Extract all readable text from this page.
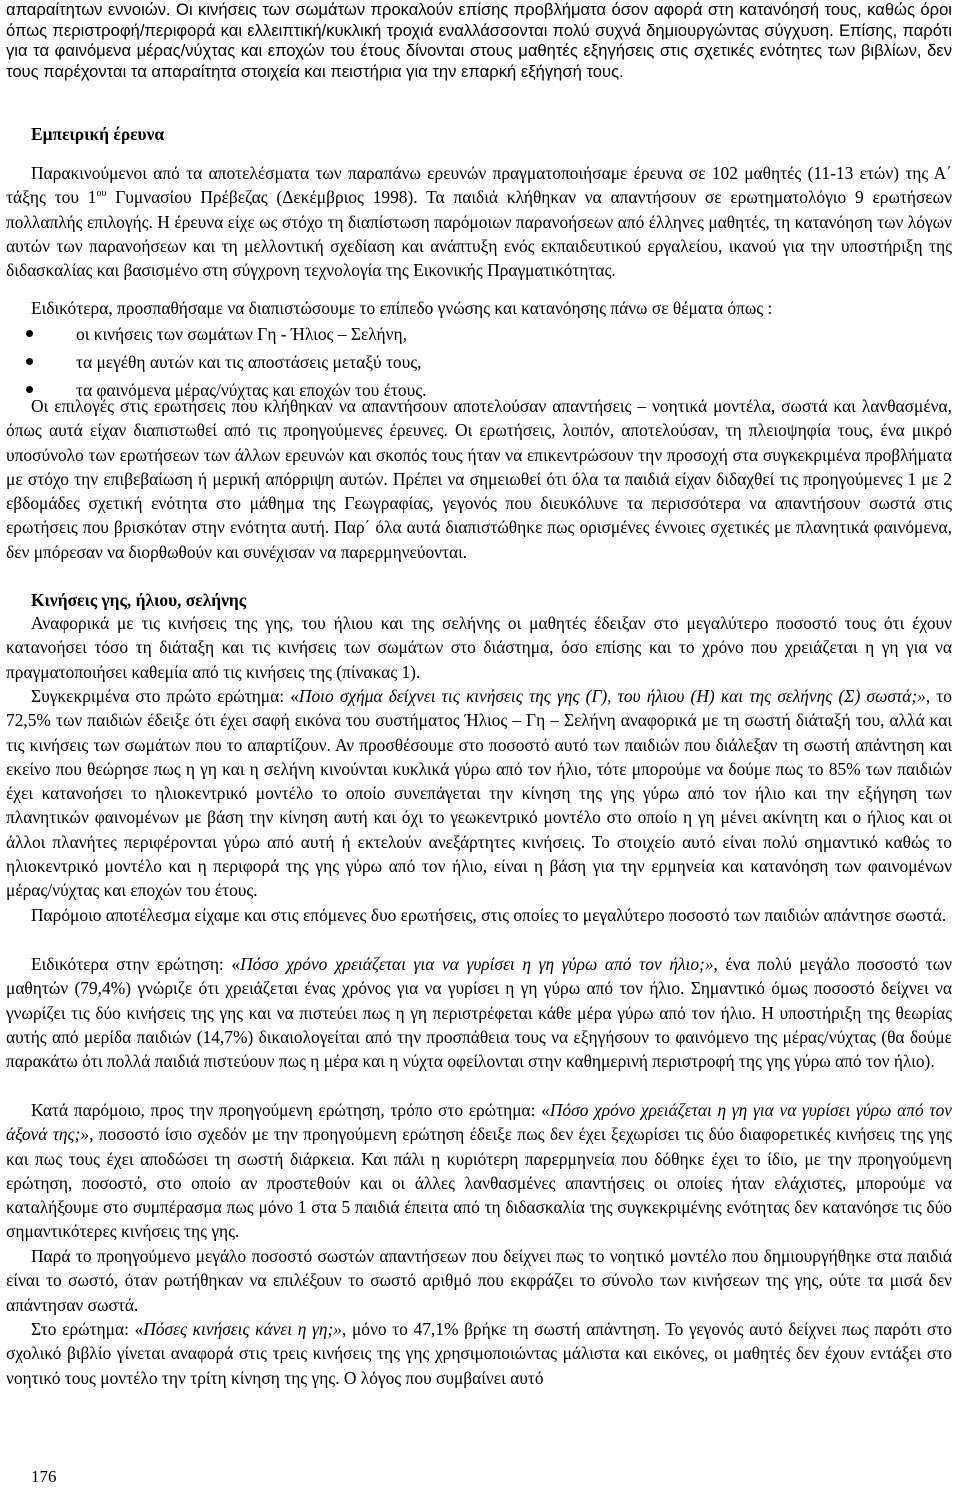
απαραίτητων εννοιών. Οι κινήσεις των σωμάτων προκαλούν επίσης προβλήματα όσον αφορά στη κατανόησή τους, καθώς όροι όπως περιστροφή/περιφορά και ελλειπτική/κυκλική τροχιά εναλλάσσονται πολύ συχνά δημιουργώντας σύγχυση. Επίσης, παρότι για τα φαινόμενα μέρας/νύχτας και εποχών του έτους δίνονται στους μαθητές εξηγήσεις στις σχετικές ενότητες των βιβλίων, δεν τους παρέχονται τα απαραίτητα στοιχεία και πειστήρια για την επαρκή εξήγησή τους.

Εμπειρική έρευνα

Παρακινούμενοι από τα αποτελέσματα των παραπάνω ερευνών πραγματοποιήσαμε έρευνα σε 102 μαθητές (11-13 ετών) της Α΄ τάξης του $1^{o\upsilon}$ Γυμνασίου Πρέβεζας (Δεκέμβριος 1998). Τα παιδιά κλήθηκαν να απαντήσουν σε ερωτηματολόγιο 9 ερωτήσεων πολλαπλής επιλογής. Η έρευνα είχε ως στόχο τη διαπίστωση παρόμοιων παρανοήσεων από έλληνες μαθητές, τη κατανόηση των λόγων αυτών των παρανοήσεων και τη μελλοντική σχεδίαση και ανάπτυξη ενός εκπαιδευτικού εργαλείου, ικανού για την υποστήριξη της διδασκαλίας και βασισμένο στη σύγχρονη τεχνολογία της Εικονικής Πραγματικότητας.

Ειδικότερα, προσπαθήσαμε να διαπιστώσουμε το επίπεδο γνώσης και κατανόησης πάνω σε θέματα όπως :

οι κινήσεις των σωμάτων Γη - Ήλιος – Σελήνη,
τα μεγέθη αυτών και τις αποστάσεις μεταξύ τους,
τα φαινόμενα μέρας/νύχτας και εποχών του έτους.

Οι επιλογές στις ερωτήσεις που κλήθηκαν να απαντήσουν αποτελούσαν απαντήσεις – νοητικά μοντέλα, σωστά και λανθασμένα, όπως αυτά είχαν διαπιστωθεί από τις προηγούμενες έρευνες. Οι ερωτήσεις, λοιπόν, αποτελούσαν, τη πλειοψηφία τους, ένα μικρό υποσύνολο των ερωτήσεων των άλλων ερευνών και σκοπός τους ήταν να επικεντρώσουν την προσοχή στα συγκεκριμένα προβλήματα με στόχο την επιβεβαίωση ή μερική απόρριψη αυτών. Πρέπει να σημειωθεί ότι όλα τα παιδιά είχαν διδαχθεί τις προηγούμενες 1 με 2 εβδομάδες σχετική ενότητα στο μάθημα της Γεωγραφίας, γεγονός που διευκόλυνε τα περισσότερα να απαντήσουν σωστά στις ερωτήσεις που βρισκόταν στην ενότητα αυτή. Παρ΄ όλα αυτά διαπιστώθηκε πως ορισμένες έννοιες σχετικές με πλανητικά φαινόμενα, δεν μπόρεσαν να διορθωθούν και συνέχισαν να παρερμηνεύονται.

Κινήσεις γης, ήλιου, σελήνης

Αναφορικά με τις κινήσεις της γης, του ήλιου και της σελήνης οι μαθητές έδειξαν στο μεγαλύτερο ποσοστό τους ότι έχουν κατανοήσει τόσο τη διάταξη και τις κινήσεις των σωμάτων στο διάστημα, όσο επίσης και το χρόνο που χρειάζεται η γη για να πραγματοποιήσει καθεμία από τις κινήσεις της (πίνακας 1).

Συγκεκριμένα στο πρώτο ερώτημα: «Ποιο σχήμα δείχνει τις κινήσεις της γης (Γ), του ήλιου (Η) και της σελήνης (Σ) σωστά;», το 72,5% των παιδιών έδειξε ότι έχει σαφή εικόνα του συστήματος Ήλιος – Γη – Σελήνη αναφορικά με τη σωστή διάταξή του, αλλά και τις κινήσεις των σωμάτων που το απαρτίζουν. Αν προσθέσουμε στο ποσοστό αυτό των παιδιών που διάλεξαν τη σωστή απάντηση και εκείνο που θεώρησε πως η γη και η σελήνη κινούνται κυκλικά γύρω από τον ήλιο, τότε μπορούμε να δούμε πως το 85% των παιδιών έχει κατανοήσει το ηλιοκεντρικό μοντέλο το οποίο συνεπάγεται την κίνηση της γης γύρω από τον ήλιο και την εξήγηση των πλανητικών φαινομένων με βάση την κίνηση αυτή και όχι το γεωκεντρικό μοντέλο στο οποίο η γη μένει ακίνητη και ο ήλιος και οι άλλοι πλανήτες περιφέρονται γύρω από αυτή ή εκτελούν ανεξάρτητες κινήσεις. Το στοιχείο αυτό είναι πολύ σημαντικό καθώς το ηλιοκεντρικό μοντέλο και η περιφορά της γης γύρω από τον ήλιο, είναι η βάση για την ερμηνεία και κατανόηση των φαινομένων μέρας/νύχτας και εποχών του έτους.

Παρόμοιο αποτέλεσμα είχαμε και στις επόμενες δυο ερωτήσεις, στις οποίες το μεγαλύτερο ποσοστό των παιδιών απάντησε σωστά.

Ειδικότερα στην ερώτηση: «Πόσο χρόνο χρειάζεται για να γυρίσει η γη γύρω από τον ήλιο;», ένα πολύ μεγάλο ποσοστό των μαθητών (79,4%) γνώριζε ότι χρειάζεται ένας χρόνος για να γυρίσει η γη γύρω από τον ήλιο. Σημαντικό όμως ποσοστό δείχνει να γνωρίζει τις δύο κινήσεις της γης και να πιστεύει πως η γη περιστρέφεται κάθε μέρα γύρω από τον ήλιο. Η υποστήριξη της θεωρίας αυτής από μερίδα παιδιών (14,7%) δικαιολογείται από την προσπάθεια τους να εξηγήσουν το φαινόμενο της μέρας/νύχτας (θα δούμε παρακάτω ότι πολλά παιδιά πιστεύουν πως η μέρα και η νύχτα οφείλονται στην καθημερινή περιστροφή της γης γύρω από τον ήλιο).

Κατά παρόμοιο, προς την προηγούμενη ερώτηση, τρόπο στο ερώτημα: «Πόσο χρόνο χρειάζεται η γη για να γυρίσει γύρω από τον άξονά της;», ποσοστό ίσιο σχεδόν με την προηγούμενη ερώτηση έδειξε πως δεν έχει ξεχωρίσει τις δύο διαφορετικές κινήσεις της γης και πως τους έχει αποδώσει τη σωστή διάρκεια. Και πάλι η κυριότερη παρερμηνεία που δόθηκε έχει το ίδιο, με την προηγούμενη ερώτηση, ποσοστό, στο οποίο αν προστεθούν και οι άλλες λανθασμένες απαντήσεις οι οποίες ήταν ελάχιστες, μπορούμε να καταλήξουμε στο συμπέρασμα πως μόνο 1 στα 5 παιδιά έπειτα από τη διδασκαλία της συγκεκριμένης ενότητας δεν κατανόησε τις δύο σημαντικότερες κινήσεις της γης.

Παρά το προηγούμενο μεγάλο ποσοστό σωστών απαντήσεων που δείχνει πως το νοητικό μοντέλο που δημιουργήθηκε στα παιδιά είναι το σωστό, όταν ρωτήθηκαν να επιλέξουν το σωστό αριθμό που εκφράζει το σύνολο των κινήσεων της γης, ούτε τα μισά δεν απάντησαν σωστά.

Στο ερώτημα: «Πόσες κινήσεις κάνει η γη;», μόνο το 47,1% βρήκε τη σωστή απάντηση. Το γεγονός αυτό δείχνει πως παρότι στο σχολικό βιβλίο γίνεται αναφορά στις τρεις κινήσεις της γης χρησιμοποιώντας μάλιστα και εικόνες, οι μαθητές δεν έχουν εντάξει στο νοητικό τους μοντέλο την τρίτη κίνηση της γης. Ο λόγος που συμβαίνει αυτό

176
